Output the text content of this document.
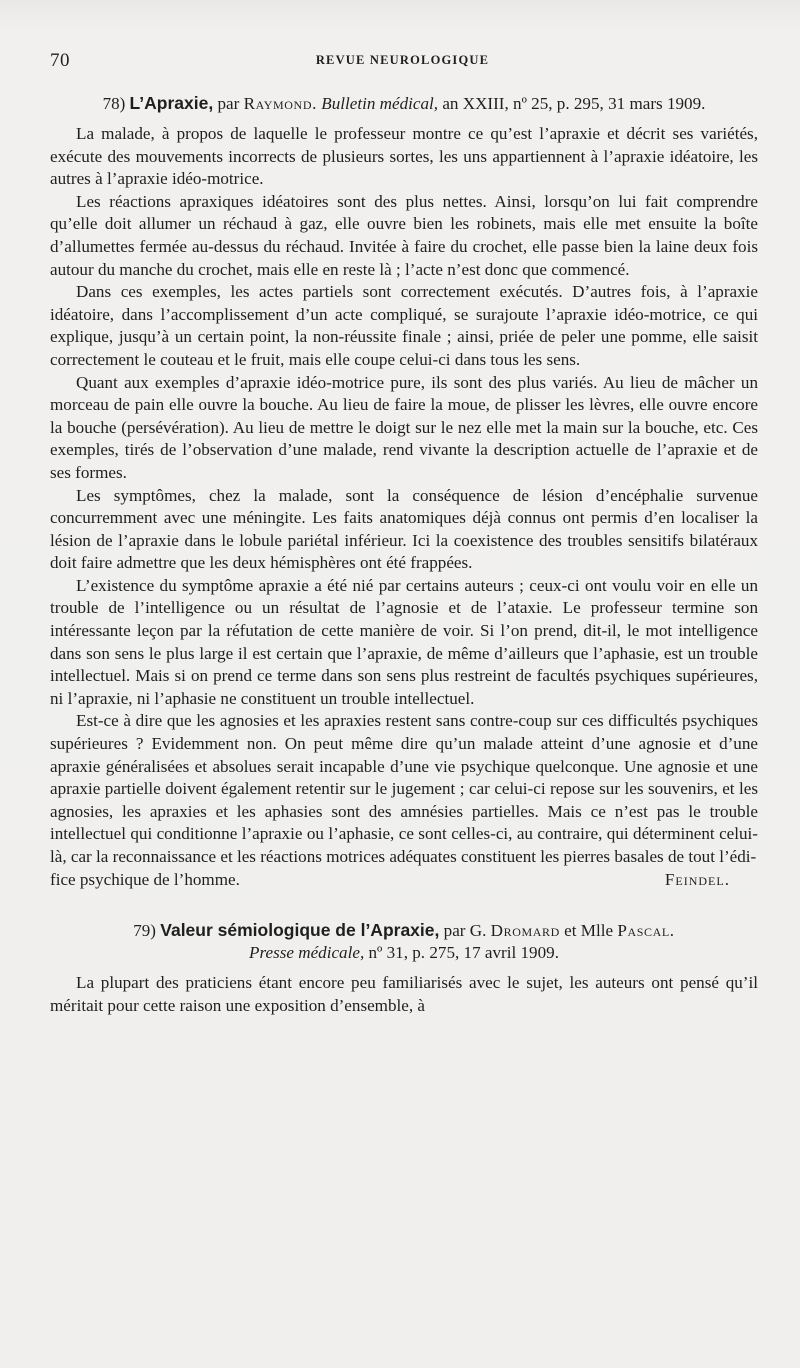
70	REVUE NEUROLOGIQUE
78) L’Apraxie, par Raymond. Bulletin médical, an XXIII, nº 25, p. 295, 31 mars 1909.

La malade, à propos de laquelle le professeur montre ce qu’est l’apraxie et décrit ses variétés, exécute des mouvements incorrects de plusieurs sortes, les uns appartiennent à l’apraxie idéatoire, les autres à l’apraxie idéo-motrice.

Les réactions apraxiques idéatoires sont des plus nettes. Ainsi, lorsqu’on lui fait comprendre qu’elle doit allumer un réchaud à gaz, elle ouvre bien les robinets, mais elle met ensuite la boîte d’allumettes fermée au-dessus du réchaud. Invitée à faire du crochet, elle passe bien la laine deux fois autour du manche du crochet, mais elle en reste là ; l’acte n’est donc que commencé.

Dans ces exemples, les actes partiels sont correctement exécutés. D’autres fois, à l’apraxie idéatoire, dans l’accomplissement d’un acte compliqué, se surajoute l’apraxie idéo-motrice, ce qui explique, jusqu’à un certain point, la non-réussite finale ; ainsi, priée de peler une pomme, elle saisit correctement le couteau et le fruit, mais elle coupe celui-ci dans tous les sens.

Quant aux exemples d’apraxie idéo-motrice pure, ils sont des plus variés. Au lieu de mâcher un morceau de pain elle ouvre la bouche. Au lieu de faire la moue, de plisser les lèvres, elle ouvre encore la bouche (persévération). Au lieu de mettre le doigt sur le nez elle met la main sur la bouche, etc. Ces exemples, tirés de l’observation d’une malade, rend vivante la description actuelle de l’apraxie et de ses formes.

Les symptômes, chez la malade, sont la conséquence de lésion d’encéphalie survenue concurremment avec une méningite. Les faits anatomiques déjà connus ont permis d’en localiser la lésion de l’apraxie dans le lobule pariétal inférieur. Ici la coexistence des troubles sensitifs bilatéraux doit faire admettre que les deux hémisphères ont été frappées.

L’existence du symptôme apraxie a été nié par certains auteurs ; ceux-ci ont voulu voir en elle un trouble de l’intelligence ou un résultat de l’agnosie et de l’ataxie. Le professeur termine son intéressante leçon par la réfutation de cette manière de voir. Si l’on prend, dit-il, le mot intelligence dans son sens le plus large il est certain que l’apraxie, de même d’ailleurs que l’aphasie, est un trouble intellectuel. Mais si on prend ce terme dans son sens plus restreint de facultés psychiques supérieures, ni l’apraxie, ni l’aphasie ne constituent un trouble intellectuel.

Est-ce à dire que les agnosies et les apraxies restent sans contre-coup sur ces difficultés psychiques supérieures ? Evidemment non. On peut même dire qu’un malade atteint d’une agnosie et d’une apraxie généralisées et absolues serait incapable d’une vie psychique quelconque. Une agnosie et une apraxie partielle doivent également retentir sur le jugement ; car celui-ci repose sur les souvenirs, et les agnosies, les apraxies et les aphasies sont des amnésies partielles. Mais ce n’est pas le trouble intellectuel qui conditionne l’apraxie ou l’aphasie, ce sont celles-ci, au contraire, qui déterminent celui-là, car la reconnaissance et les réactions motrices adéquates constituent les pierres basales de tout l’édi-

fice psychique de l’homme.	Feindel.
79) Valeur sémiologique de l’Apraxie, par G. Dromard et Mlle Pascal.
Presse médicale, nº 31, p. 275, 17 avril 1909.

La plupart des praticiens étant encore peu familiarisés avec le sujet, les auteurs ont pensé qu’il méritait pour cette raison une exposition d’ensemble, à
